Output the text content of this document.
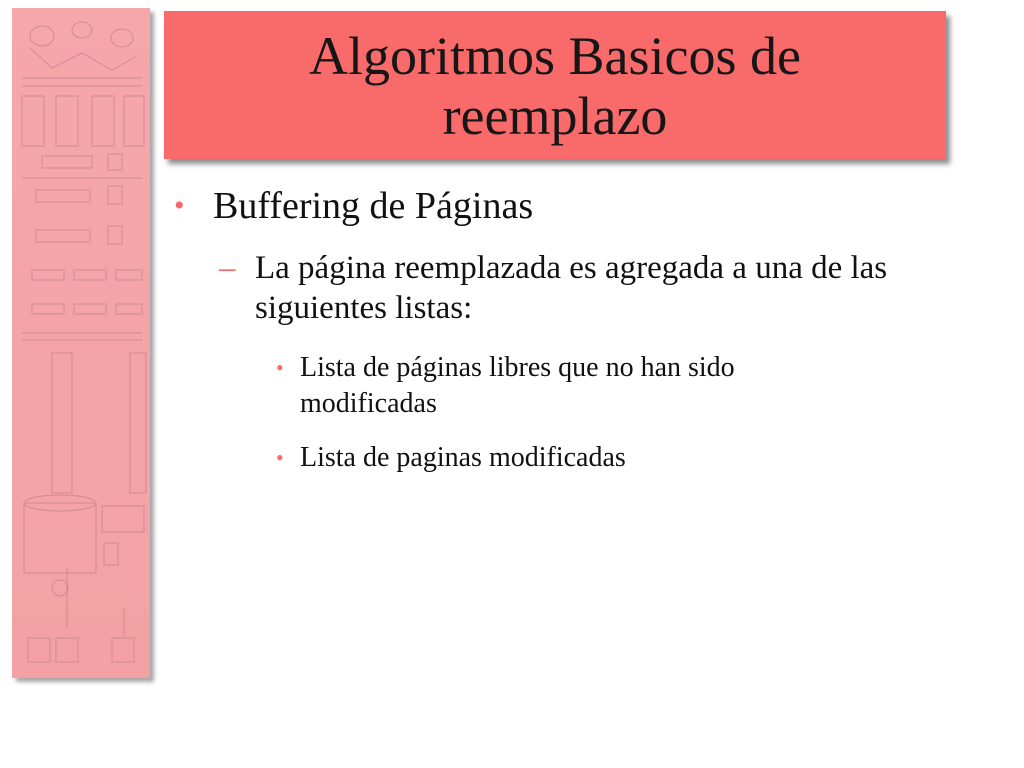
Algoritmos Basicos de reemplazo
• Buffering de Páginas
– La página reemplazada es agregada a una de las siguientes listas:
• Lista de páginas libres que no han sido modificadas
• Lista de paginas modificadas
